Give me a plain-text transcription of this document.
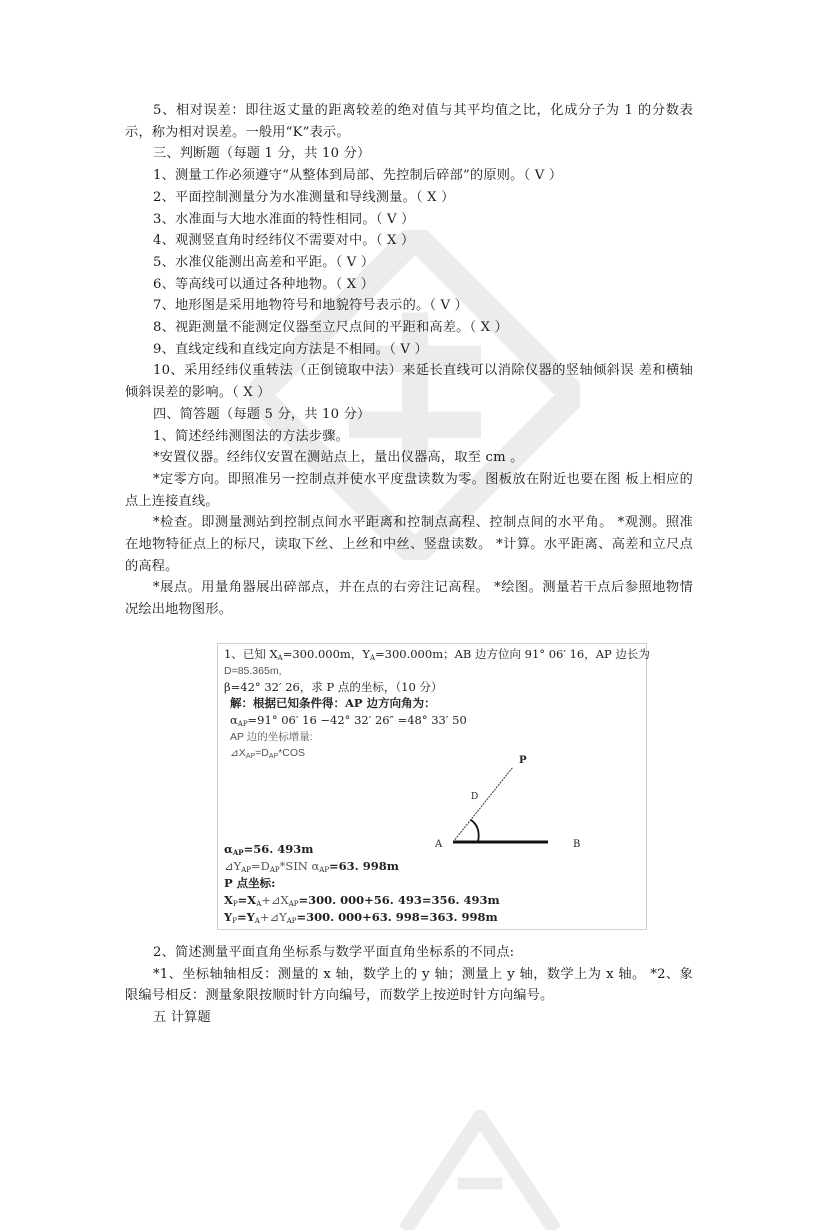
5、相对误差：即往返丈量的距离较差的绝对值与其平均值之比，化成分子为 1 的分数表示，称为相对误差。一般用“K”表示。

三、判断题（每题 1 分，共 10 分）

1、测量工作必须遵守“从整体到局部、先控制后碎部”的原则。（ V ）

2、平面控制测量分为水准测量和导线测量。（ X ）

3、水准面与大地水准面的特性相同。（ V ）

4、观测竖直角时经纬仪不需要对中。（ X ）

5、水准仪能测出高差和平距。（ V ）

6、等高线可以通过各种地物。（ X ）

7、地形图是采用地物符号和地貌符号表示的。（ V ）

8、视距测量不能测定仪器至立尺点间的平距和高差。（ X ）

9、直线定线和直线定向方法是不相同。（ V ）

10、采用经纬仪重转法（正倒镜取中法）来延长直线可以消除仪器的竖轴倾斜误 差和横轴倾斜误差的影响。（ X ）

四、简答题（每题 5 分，共 10 分）

1、简述经纬测图法的方法步骤。

*安置仪器。经纬仪安置在测站点上，量出仪器高，取至 cm 。

*定零方向。即照准另一控制点并使水平度盘读数为零。图板放在附近也要在图 板上相应的点上连接直线。

*检查。即测量测站到控制点间水平距离和控制点高程、控制点间的水平角。 *观测。照准在地物特征点上的标尺，读取下丝、上丝和中丝、竖盘读数。 *计算。水平距离、高差和立尺点的高程。

*展点。用量角器展出碎部点，并在点的右旁注记高程。 *绘图。测量若干点后参照地物情况绘出地物图形。

1、已知 $X_A=300.000m$，$Y_A=300.000m$；AB 边方位向 91° 06′ 16，AP 边长为
D=85.365m,
β=42° 32′ 26，求 P 点的坐标，（10 分）
解：根据已知条件得：AP 边方向角为：
$\alpha_{AP}=91^\circ$ 06′ 16 −42° 32′ 26″ =48° 33′ 50
AP 边的坐标增量:
$⊿X_{AP}=D_{AP}*COS$
A	B
P
D
$\alpha_{AP}=56$. 493m
$⊿Y_{AP}=D_{AP}*SIN$ $\alpha_{AP}=63$. 998m
P 点坐标:
$X_P=X_A+⊿X_{AP}=300$. 000+56. 493=356. 493m
$Y_P=Y_A+⊿Y_{AP}=300$. 000+63. 998=363. 998m

2、简述测量平面直角坐标系与数学平面直角坐标系的不同点:

*1、坐标轴轴相反：测量的 x 轴，数学上的 y 轴；测量上 y 轴，数学上为 x 轴。 *2、象限编号相反：测量象限按顺时针方向编号，而数学上按逆时针方向编号。

五 计算题
